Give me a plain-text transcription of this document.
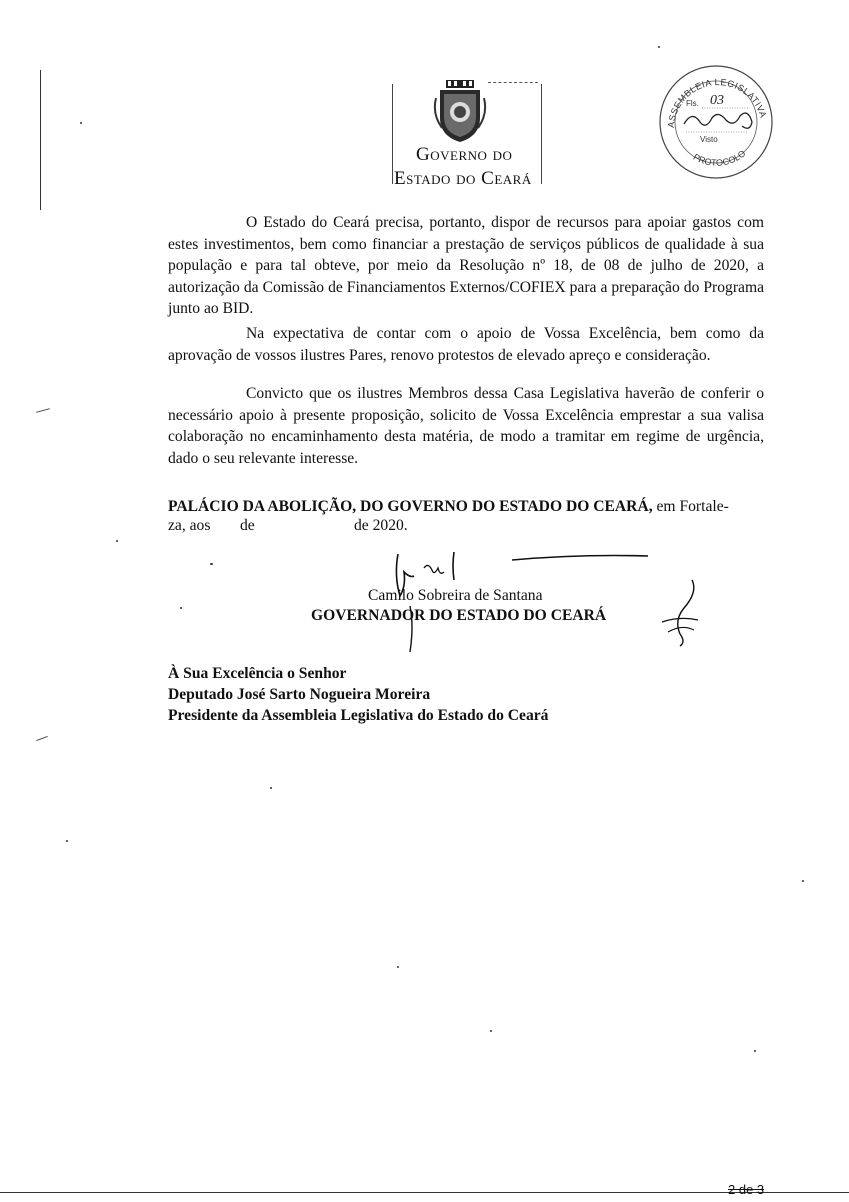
Governo do
Estado do Ceará
ASSEMBLEIA LEGISLATIVA
PROTOCOLO
Fls. 03
Visto
O Estado do Ceará precisa, portanto, dispor de recursos para apoiar gastos com estes investimentos, bem como financiar a prestação de serviços públicos de qualidade à sua população e para tal obteve, por meio da Resolução nº 18, de 08 de julho de 2020, a autorização da Comissão de Financiamentos Externos/COFIEX para a preparação do Programa junto ao BID.
Na expectativa de contar com o apoio de Vossa Excelência, bem como da aprovação de vossos ilustres Pares, renovo protestos de elevado apreço e consideração.
Convicto que os ilustres Membros dessa Casa Legislativa haverão de conferir o necessário apoio à presente proposição, solicito de Vossa Excelência emprestar a sua valisa colaboração no encaminhamento desta matéria, de modo a tramitar em regime de urgência, dado o seu relevante interesse.
PALÁCIO DA ABOLIÇÃO, DO GOVERNO DO ESTADO DO CEARÁ, em Fortale-
za, aos de	de 2020.
Camilo Sobreira de Santana
GOVERNADOR DO ESTADO DO CEARÁ
À Sua Excelência o Senhor
Deputado José Sarto Nogueira Moreira
Presidente da Assembleia Legislativa do Estado do Ceará
2 de 3
